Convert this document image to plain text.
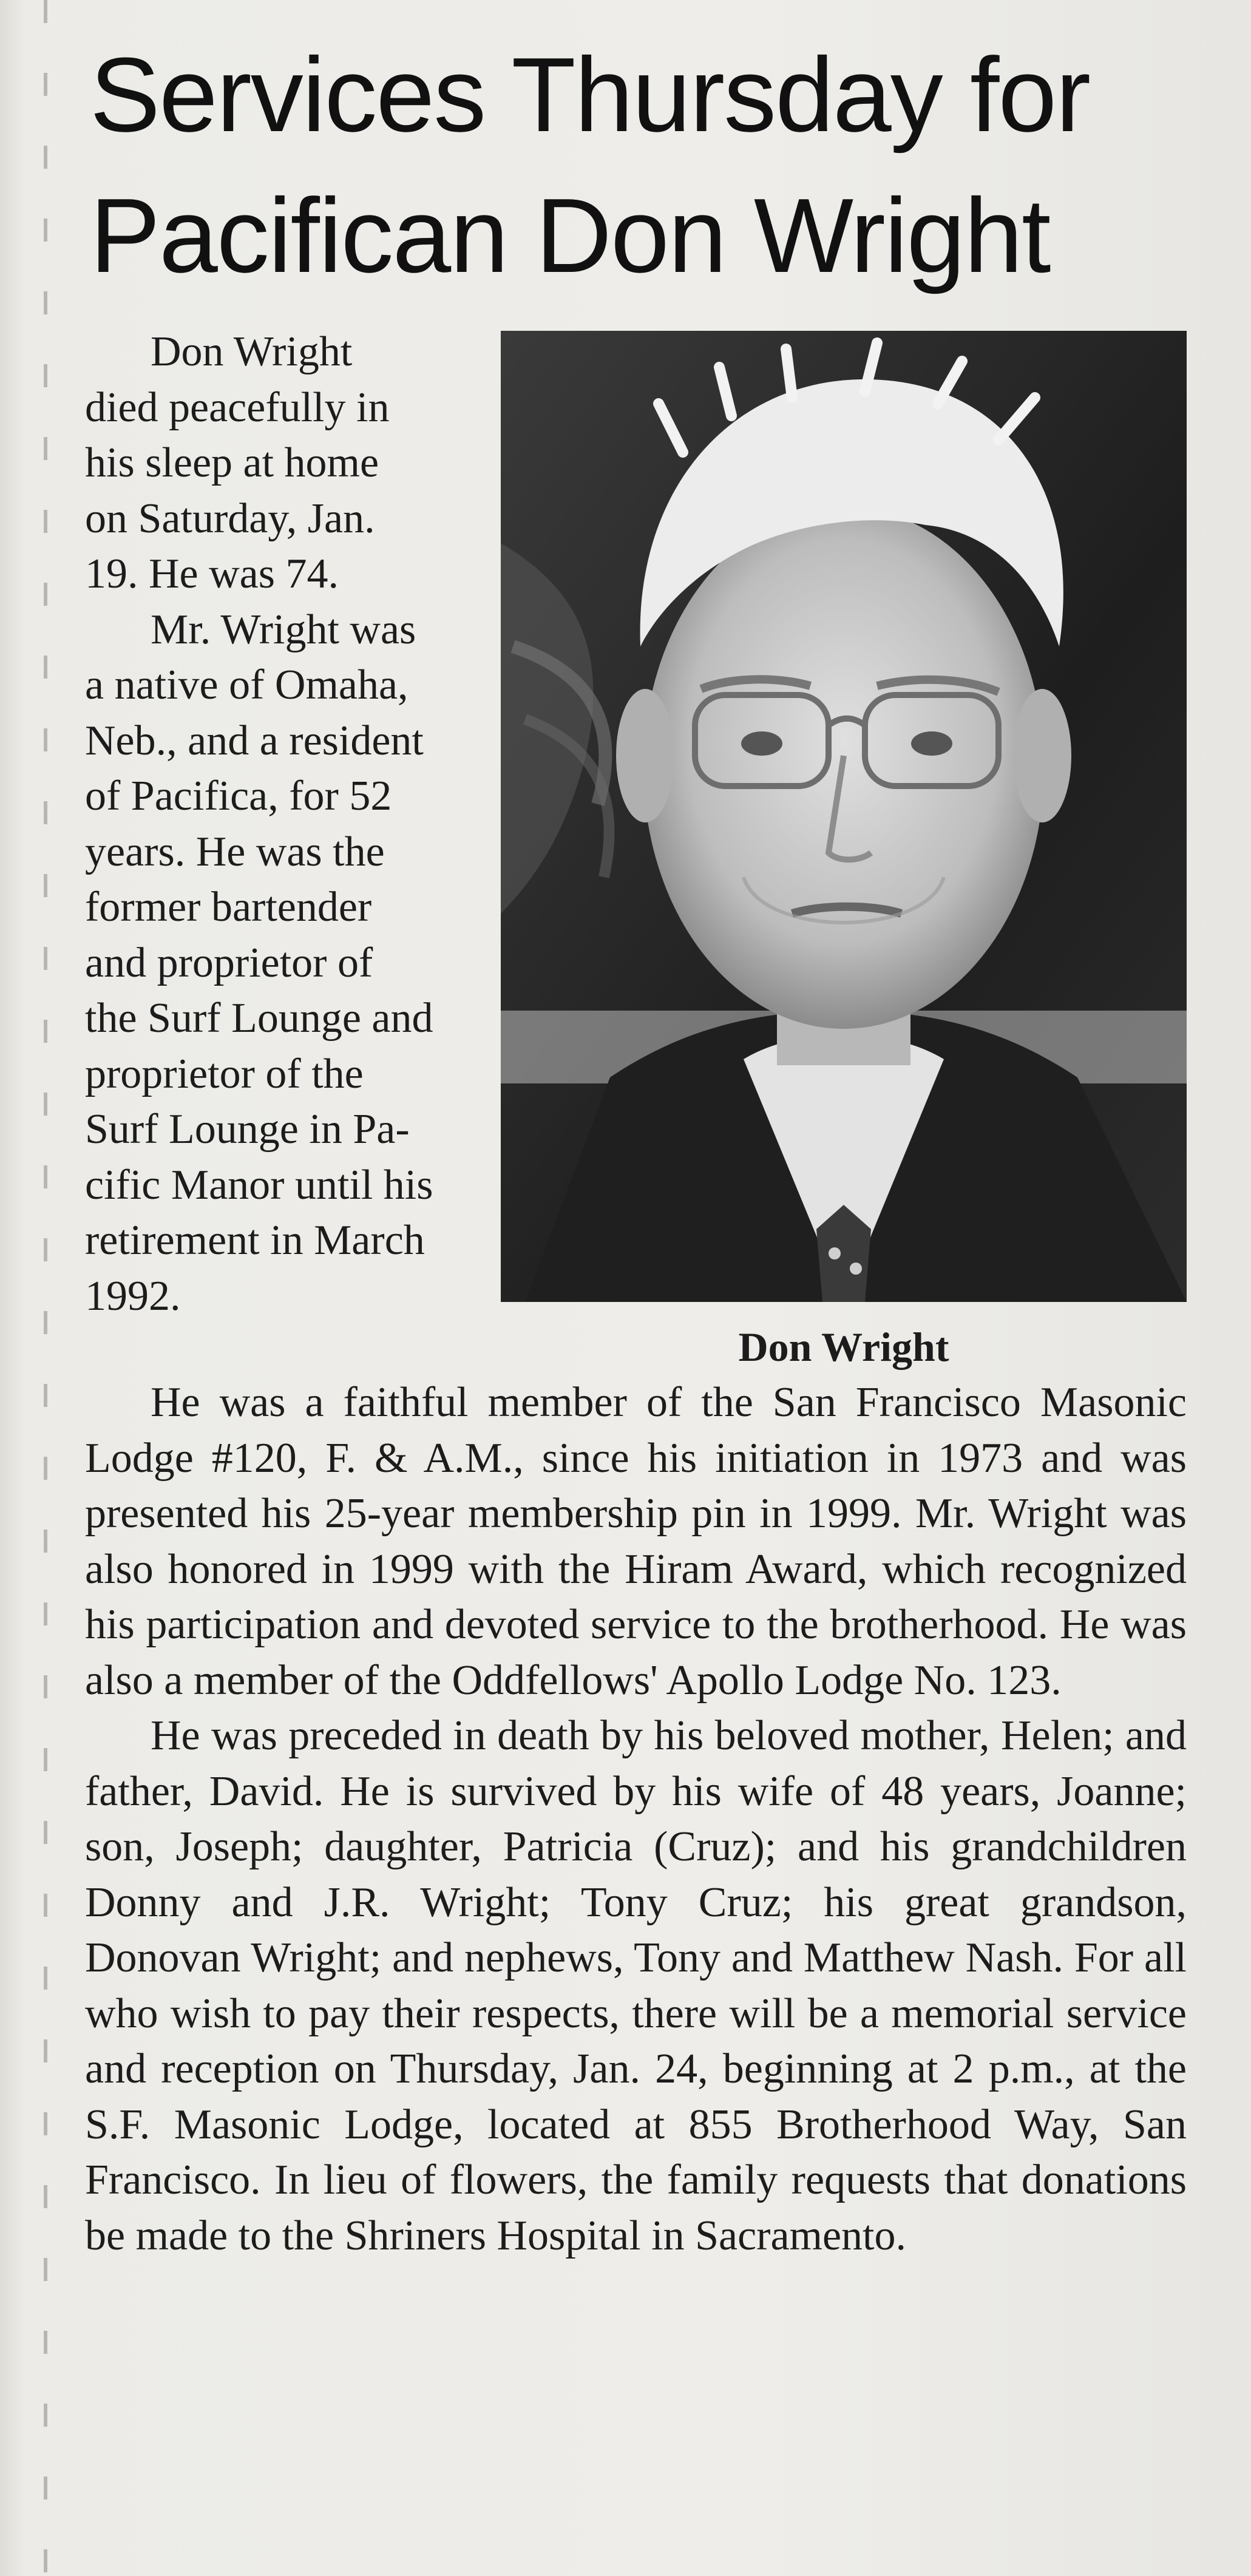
Services Thursday for
Pacifican Don Wright

Don Wright
died peacefully in
his sleep at home
on Saturday, Jan.
19. He was 74.

Mr. Wright was
a native of Omaha,
Neb., and a resident
of Pacifica, for 52
years. He was the
former bartender
and proprietor of
the Surf Lounge and
proprietor of the
Surf Lounge in Pa-
cific Manor until his
retirement in March
1992.

Don Wright

He was a faithful member of the San Francisco Masonic Lodge #120, F. & A.M., since his initiation in 1973 and was presented his 25-year membership pin in 1999. Mr. Wright was also honored in 1999 with the Hiram Award, which recognized his participation and devoted service to the brotherhood. He was also a member of the Oddfellows' Apollo Lodge No. 123.

He was preceded in death by his beloved mother, Helen; and father, David. He is survived by his wife of 48 years, Joanne; son, Joseph; daughter, Patricia (Cruz); and his grandchildren Donny and J.R. Wright; Tony Cruz; his great grandson, Donovan Wright; and nephews, Tony and Matthew Nash. For all who wish to pay their respects, there will be a memorial service and reception on Thursday, Jan. 24, beginning at 2 p.m., at the S.F. Masonic Lodge, located at 855 Brotherhood Way, San Francisco. In lieu of flowers, the family requests that donations be made to the Shriners Hospital in Sacramento.
